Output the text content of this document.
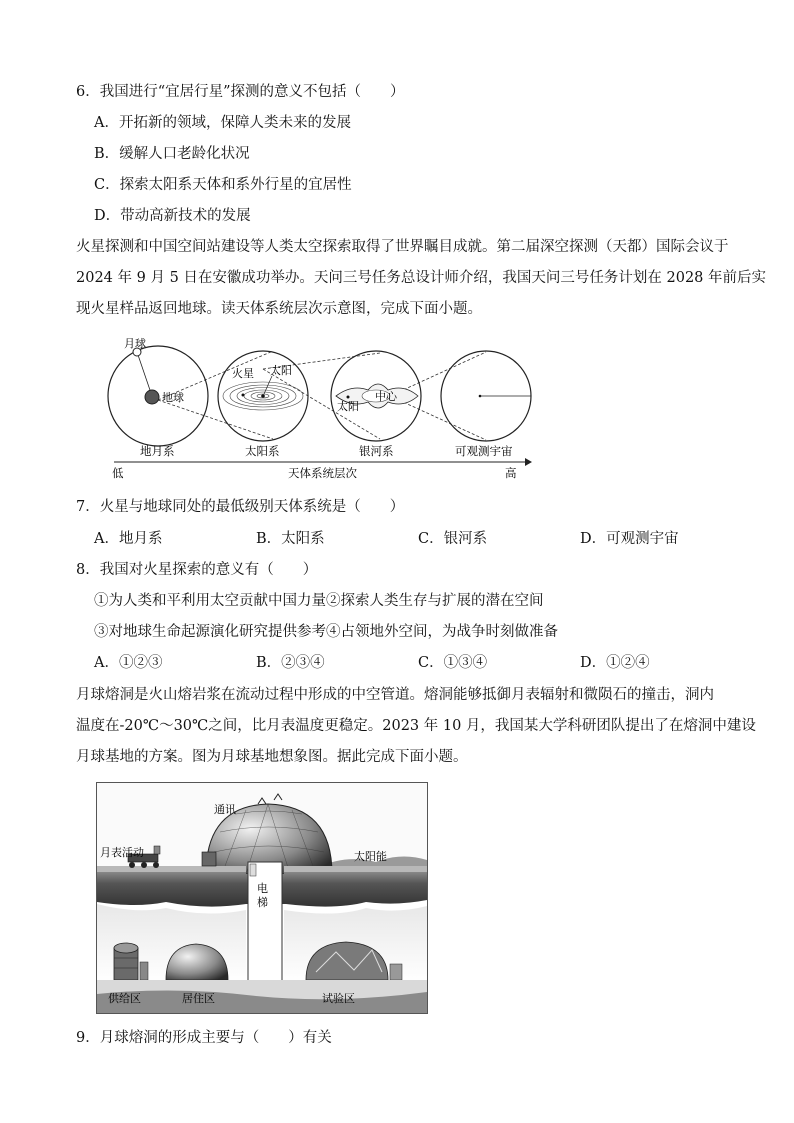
6．我国进行“宜居行星”探测的意义不包括（　　）
A．开拓新的领域，保障人类未来的发展
B．缓解人口老龄化状况
C．探索太阳系天体和系外行星的宜居性
D．带动高新技术的发展
火星探测和中国空间站建设等人类太空探索取得了世界瞩目成就。第二届深空探测（天都）国际会议于
2024 年 9 月 5 日在安徽成功举办。天问三号任务总设计师介绍，我国天问三号任务计划在 2028 年前后实
现火星样品返回地球。读天体系统层次示意图，完成下面小题。
月球
地球
火星 太阳
太阳
中心
地月系	太阳系	银河系	可观测宇宙
低	天体系统层次	高
7．火星与地球同处的最低级别天体系统是（　　）
A．地月系	B．太阳系	C．银河系	D．可观测宇宙
8．我国对火星探索的意义有（　　）
①为人类和平利用太空贡献中国力量②探索人类生存与扩展的潜在空间
③对地球生命起源演化研究提供参考④占领地外空间，为战争时刻做准备
A．①②③	B．②③④	C．①③④	D．①②④
月球熔洞是火山熔岩浆在流动过程中形成的中空管道。熔洞能够抵御月表辐射和微陨石的撞击，洞内
温度在-20℃～30℃之间，比月表温度更稳定。2023 年 10 月，我国某大学科研团队提出了在熔洞中建设
月球基地的方案。图为月球基地想象图。据此完成下面小题。
通讯
月表活动
电
梯
太阳能
供给区	居住区	试验区
9．月球熔洞的形成主要与（　　）有关
